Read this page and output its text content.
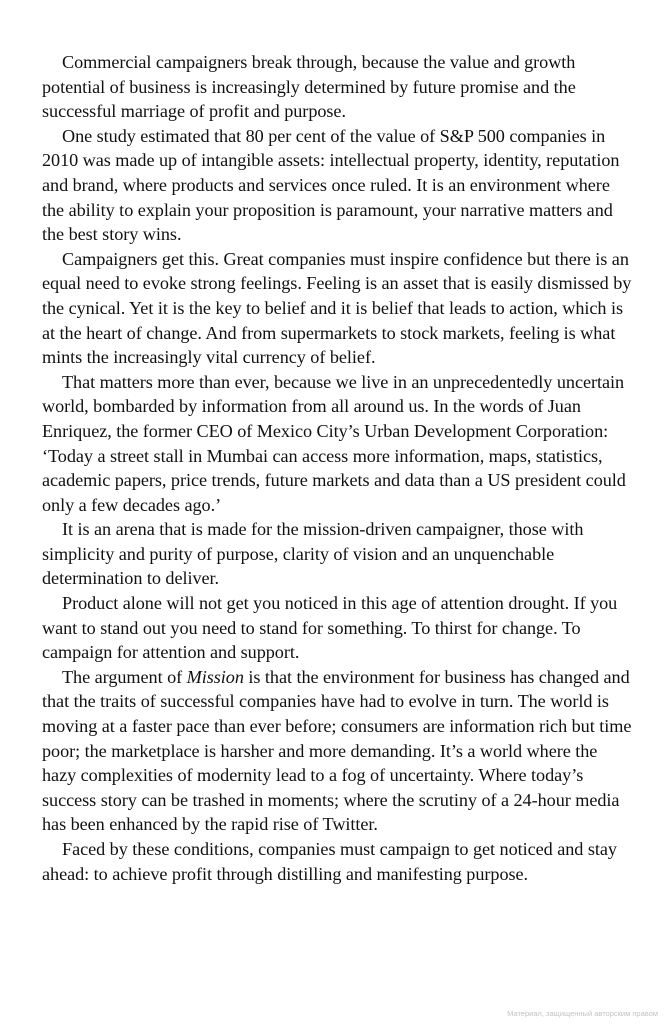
Commercial campaigners break through, because the value and growth potential of business is increasingly determined by future promise and the successful marriage of profit and purpose.

One study estimated that 80 per cent of the value of S&P 500 companies in 2010 was made up of intangible assets: intellectual property, identity, reputation and brand, where products and services once ruled. It is an environment where the ability to explain your proposition is paramount, your narrative matters and the best story wins.

Campaigners get this. Great companies must inspire confidence but there is an equal need to evoke strong feelings. Feeling is an asset that is easily dismissed by the cynical. Yet it is the key to belief and it is belief that leads to action, which is at the heart of change. And from supermarkets to stock markets, feeling is what mints the increasingly vital currency of belief.

That matters more than ever, because we live in an unprecedentedly uncertain world, bombarded by information from all around us. In the words of Juan Enriquez, the former CEO of Mexico City’s Urban Development Corporation: ‘Today a street stall in Mumbai can access more information, maps, statistics, academic papers, price trends, future markets and data than a US president could only a few decades ago.’

It is an arena that is made for the mission-driven campaigner, those with simplicity and purity of purpose, clarity of vision and an unquenchable determination to deliver.

Product alone will not get you noticed in this age of attention drought. If you want to stand out you need to stand for something. To thirst for change. To campaign for attention and support.

The argument of Mission is that the environment for business has changed and that the traits of successful companies have had to evolve in turn. The world is moving at a faster pace than ever before; consumers are information rich but time poor; the marketplace is harsher and more demanding. It’s a world where the hazy complexities of modernity lead to a fog of uncertainty. Where today’s success story can be trashed in moments; where the scrutiny of a 24-hour media has been enhanced by the rapid rise of Twitter.

Faced by these conditions, companies must campaign to get noticed and stay ahead: to achieve profit through distilling and manifesting purpose.

Материал, защищенный авторским правом
